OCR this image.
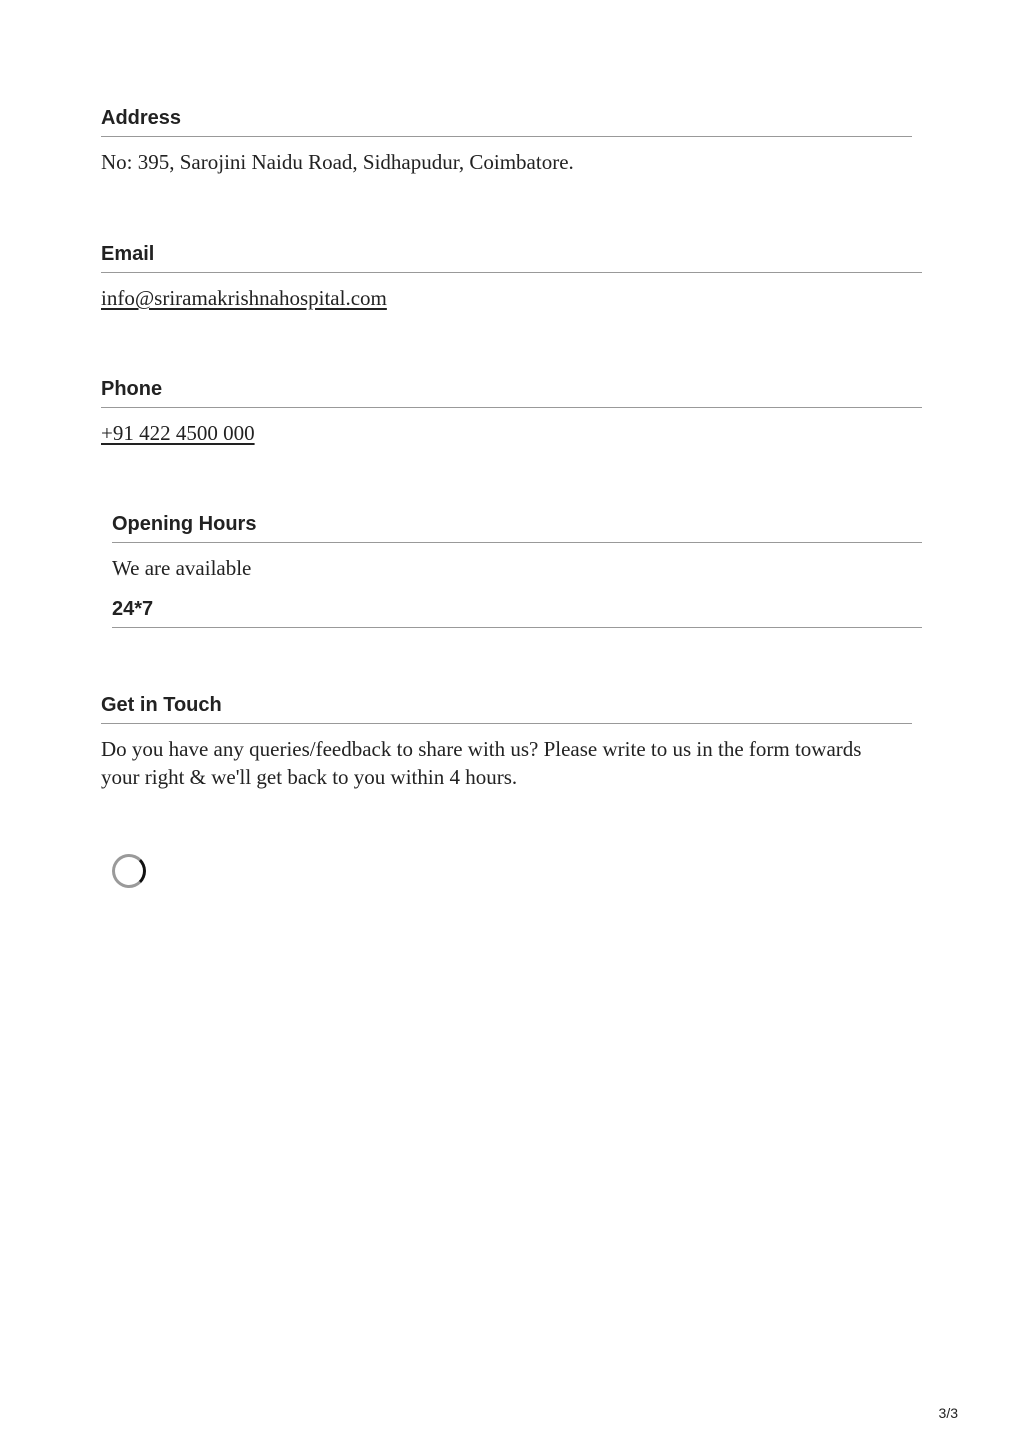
Address

No: 395, Sarojini Naidu Road, Sidhapudur, Coimbatore.

Email

info@sriramakrishnahospital.com

Phone

+91 422 4500 000

Opening Hours

We are available

24*7
Get in Touch

Do you have any queries/feedback to share with us? Please write to us in the form towards your right & we'll get back to you within 4 hours.

3/3
